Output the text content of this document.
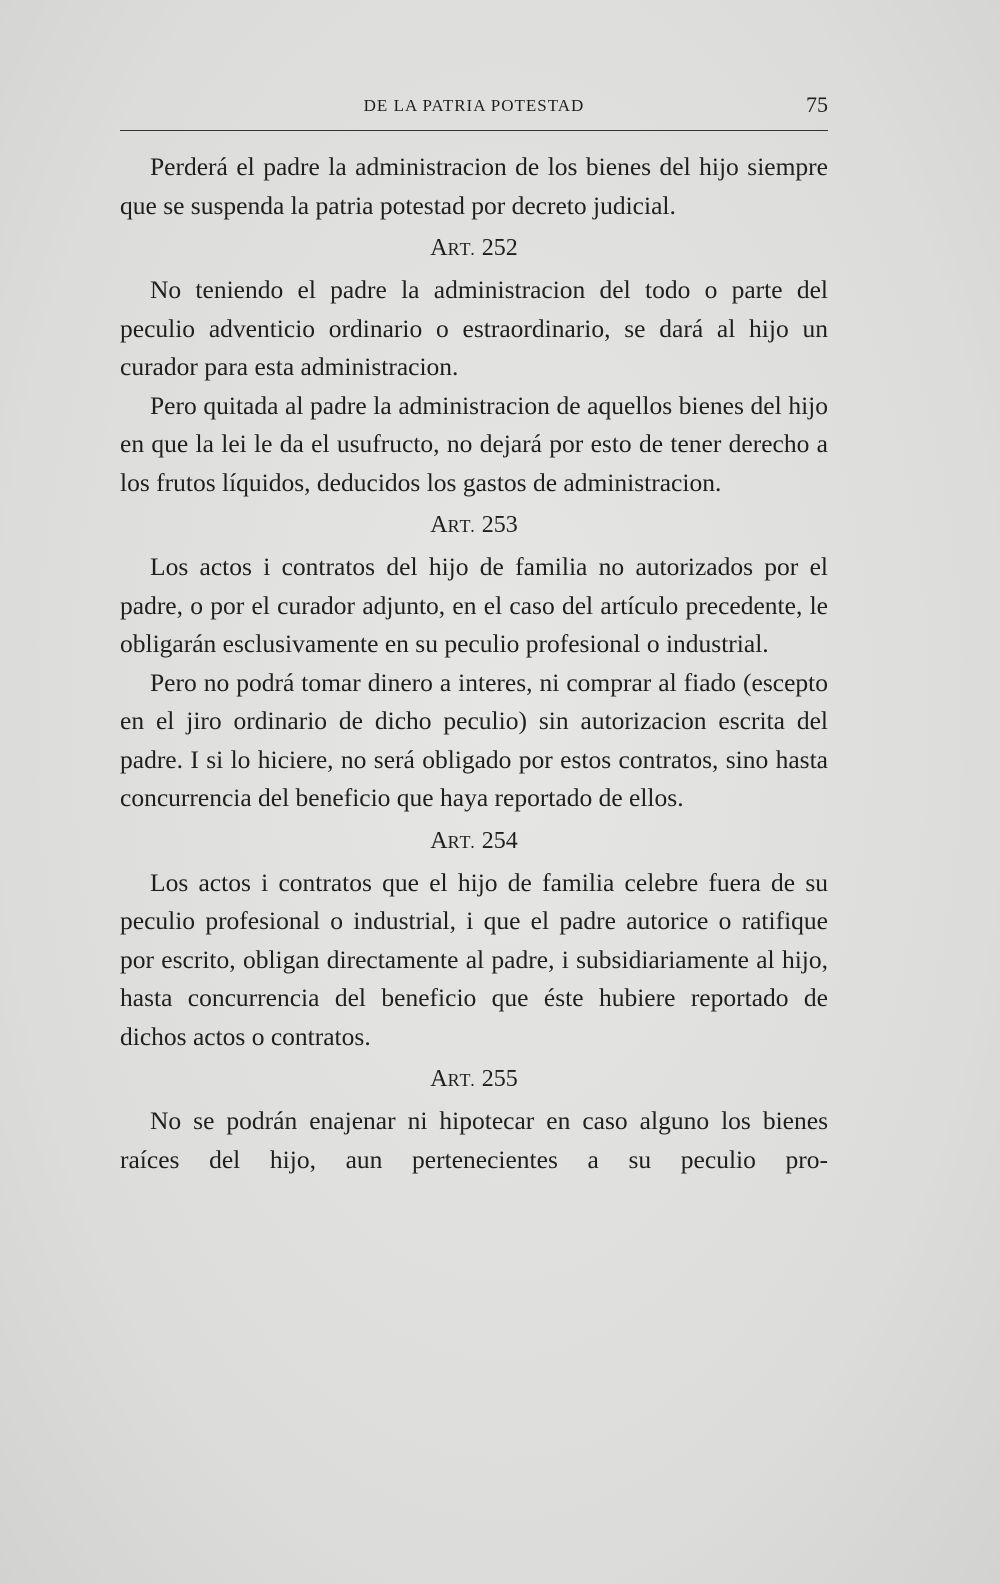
DE LA PATRIA POTESTAD	75

Perderá el padre la administracion de los bienes del hijo siempre que se suspenda la patria potestad por decreto judicial.

ART. 252

No teniendo el padre la administracion del todo o parte del peculio adventicio ordinario o estraordinario, se dará al hijo un curador para esta administracion.

Pero quitada al padre la administracion de aquellos bienes del hijo en que la lei le da el usufructo, no dejará por esto de tener derecho a los frutos líquidos, deducidos los gastos de administracion.

ART. 253

Los actos i contratos del hijo de familia no autorizados por el padre, o por el curador adjunto, en el caso del artículo precedente, le obligarán esclusivamente en su peculio profesional o industrial.

Pero no podrá tomar dinero a interes, ni comprar al fiado (escepto en el jiro ordinario de dicho peculio) sin autorizacion escrita del padre. I si lo hiciere, no será obligado por estos contratos, sino hasta concurrencia del beneficio que haya reportado de ellos.

ART. 254

Los actos i contratos que el hijo de familia celebre fuera de su peculio profesional o industrial, i que el padre autorice o ratifique por escrito, obligan directamente al padre, i subsidiariamente al hijo, hasta concurrencia del beneficio que éste hubiere reportado de dichos actos o contratos.

ART. 255

No se podrán enajenar ni hipotecar en caso alguno los bienes raíces del hijo, aun pertenecientes a su peculio pro-
